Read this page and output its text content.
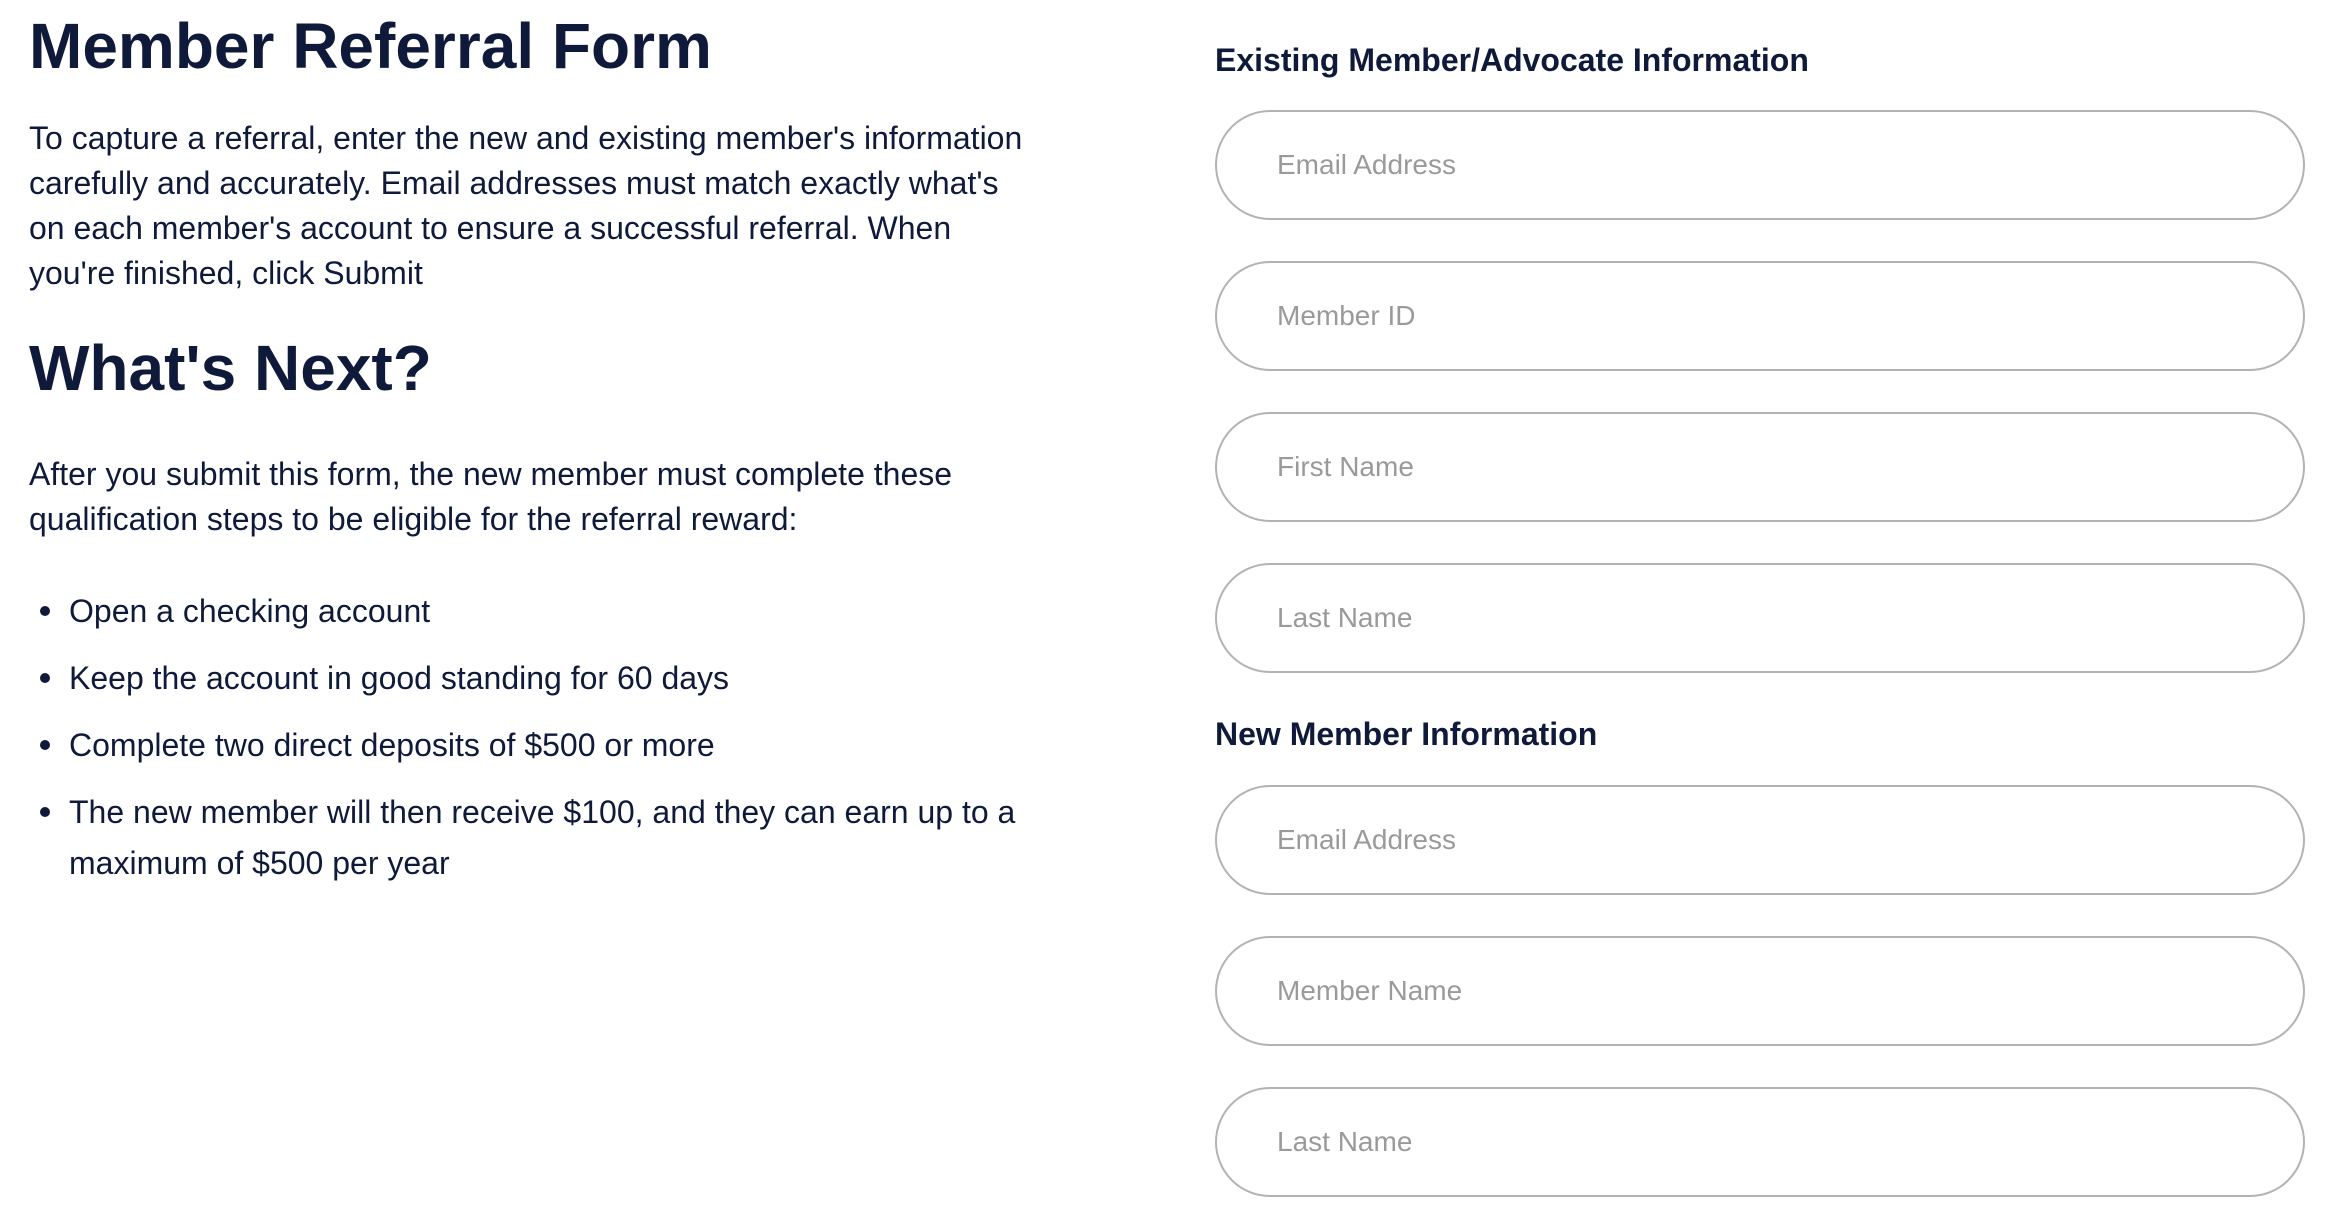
Member Referral Form

To capture a referral, enter the new and existing member's information carefully and accurately. Email addresses must match exactly what's on each member's account to ensure a successful referral. When you're finished, click Submit

What's Next?

After you submit this form, the new member must complete these qualification steps to be eligible for the referral reward:

Open a checking account
Keep the account in good standing for 60 days
Complete two direct deposits of $500 or more
The new member will then receive $100, and they can earn up to a maximum of $500 per year
Existing Member/Advocate Information
Email Address
Member ID
First Name
Last Name
New Member Information
Email Address
Member Name
Last Name
